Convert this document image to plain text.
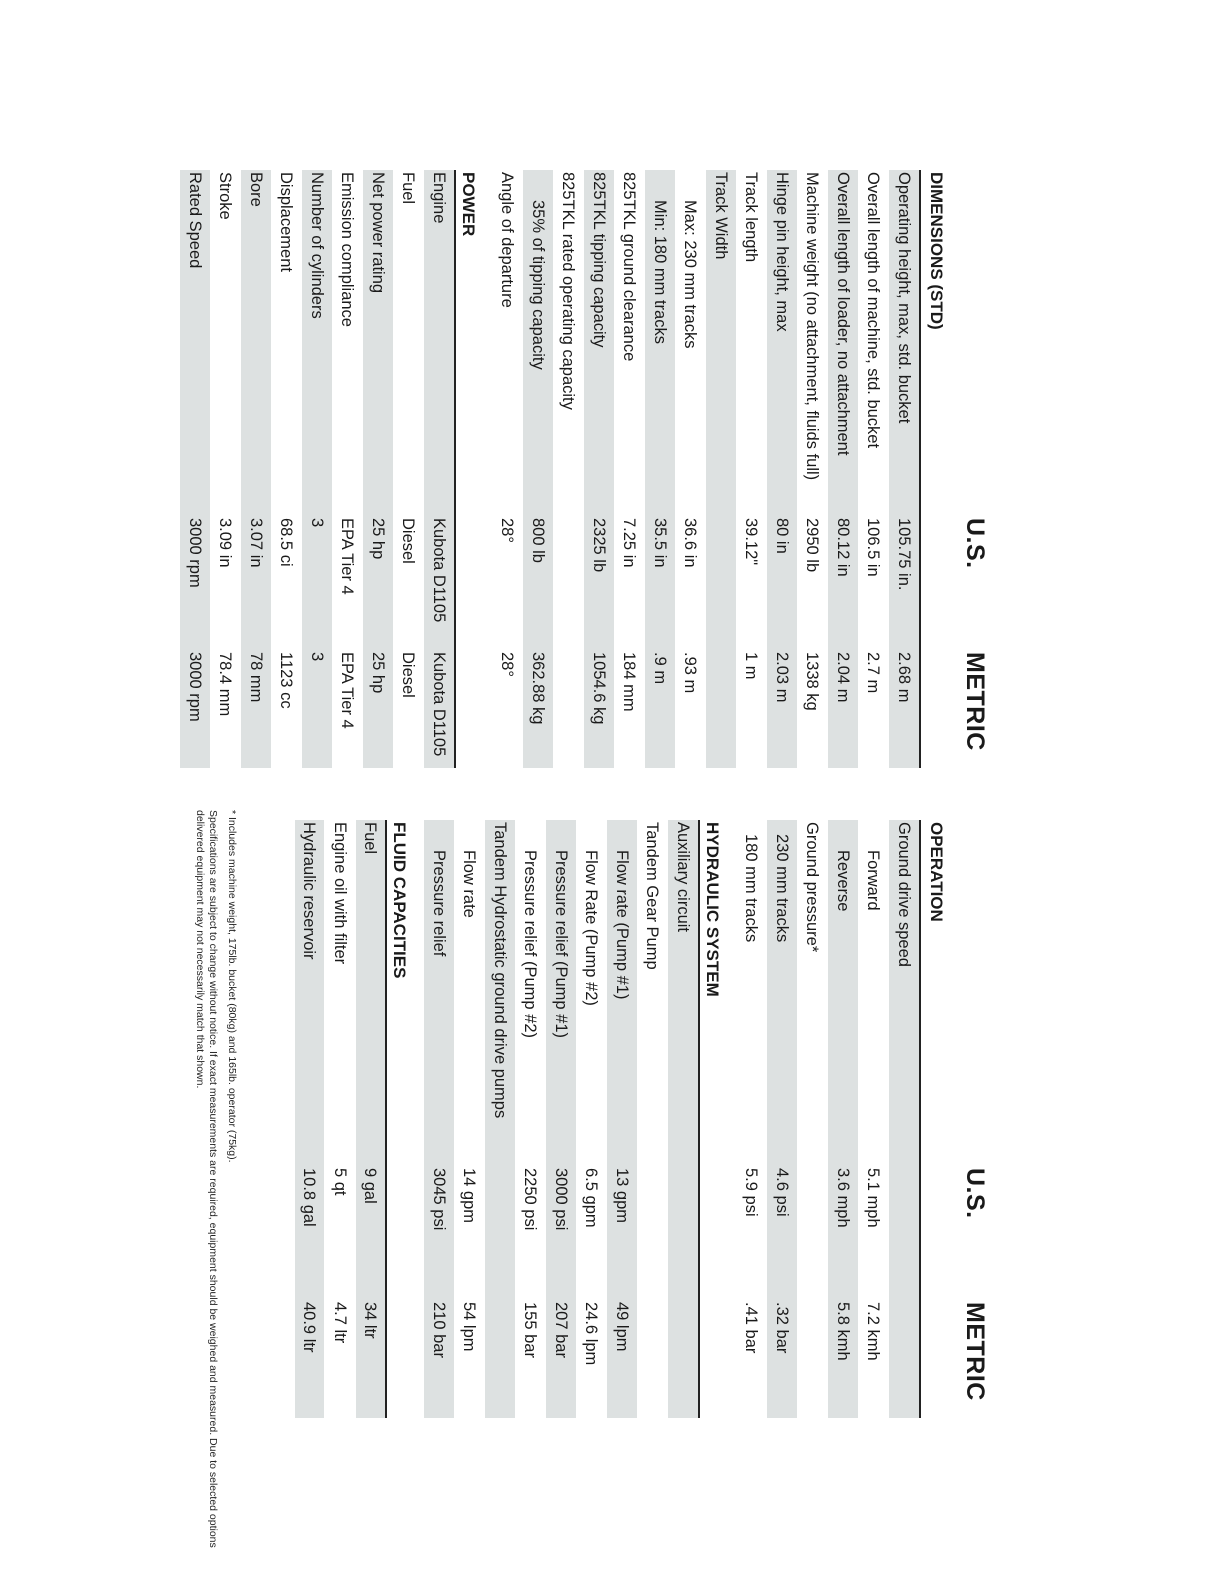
U.S.
METRIC
U.S.
METRIC
DIMENSIONS (STD)
Operating height, max, std. bucket
105.75 in.
2.68 m
Overall length of machine, std. bucket
106.5 in
2.7 m
Overall length of loader, no attachment
80.12 in
2.04 m
Machine weight (no attachment, fluids full)
2950 lb
1338 kg
Hinge pin height, max
80 in
2.03 m
Track length
39.12"
1 m
Track Width
Max: 230 mm tracks
36.6 in
.93 m
Min: 180 mm tracks
35.5 in
.9 m
825TKL ground clearance
7.25 in
184 mm
825TKL tipping capacity
2325 lb
1054.6 kg
825TKL rated operating capacity
35% of tipping capacity
800 lb
362.88 kg
Angle of departure
28°
28°
POWER
Engine
Kubota D1105
Kubota D1105
Fuel
Diesel
Diesel
Net power rating
25 hp
25 hp
Emission compliance
EPA Tier 4
EPA Tier 4
Number of cylinders
3
3
Displacement
68.5 ci
1123 cc
Bore
3.07 in
78 mm
Stroke
3.09 in
78.4 mm
Rated Speed
3000 rpm
3000 rpm
OPERATION
Ground drive speed
Forward
5.1 mph
7.2 kmh
Reverse
3.6 mph
5.8 kmh
Ground pressure*
230 mm tracks
4.6 psi
.32 bar
180 mm tracks
5.9 psi
.41 bar
HYDRAULIC SYSTEM
Auxiliary circuit
Tandem Gear Pump
Flow rate (Pump #1)
13 gpm
49 lpm
Flow Rate (Pump #2)
6.5 gpm
24.6 lpm
Pressure relief (Pump #1)
3000 psi
207 bar
Pressure relief (Pump #2)
2250 psi
155 bar
Tandem Hydrostatic ground drive pumps
Flow rate
14 gpm
54 lpm
Pressure relief
3045 psi
210 bar
FLUID CAPACITIES
Fuel
9 gal
34 ltr
Engine oil with filter
5 qt
4.7 ltr
Hydraulic reservoir
10.8 gal
40.9 ltr

* Includes machine weight, 175lb. bucket (80kg) and 165lb. operator (75kg).

Specifications are subject to change without notice. If exact measurements are required, equipment should be weighed and measured. Due to selected options delivered equipment may not necessarily match that shown.
